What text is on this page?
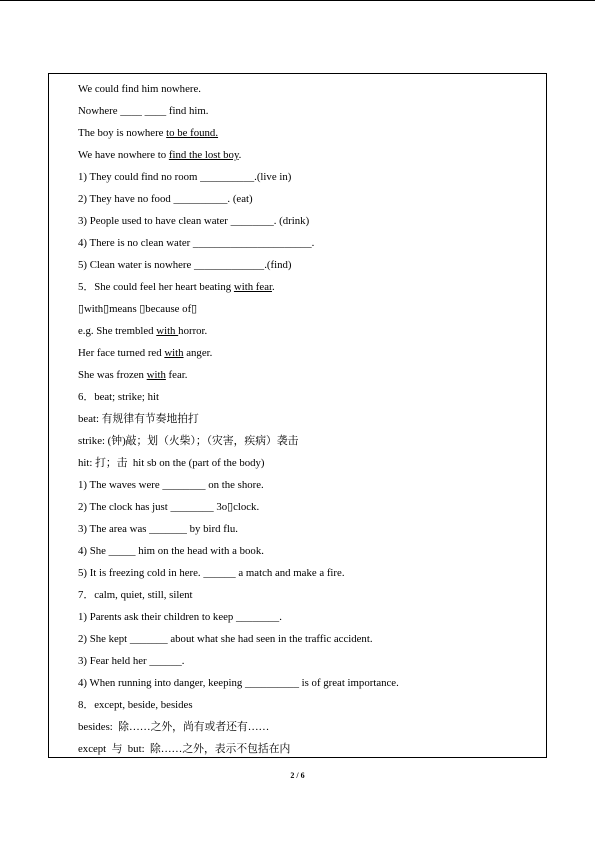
We could find him nowhere.
Nowhere ____ ____ find him.
The boy is nowhere to be found.
We have nowhere to find the lost boy.
1) They could find no room __________.(live in)
2) They have no food __________. (eat)
3) People used to have clean water ________. (drink)
4) There is no clean water ______________________.
5) Clean water is nowhere _____________.(find)
5．She could feel her heart beating with fear.
▯with▯means ▯because of▯
e.g. She trembled with horror.
Her face turned red with anger.
She was frozen with fear.
6．beat; strike; hit
beat: 有规律有节奏地拍打
strike: (钟)敲；划（火柴）；（灾害，疾病）袭击
hit: 打；击  hit sb on the (part of the body)
1) The waves were ________ on the shore.
2) The clock has just ________ 3o▯clock.
3) The area was _______ by bird flu.
4) She _____ him on the head with a book.
5) It is freezing cold in here. ______ a match and make a fire.
7．calm, quiet, still, silent
1) Parents ask their children to keep ________.
2) She kept _______ about what she had seen in the traffic accident.
3) Fear held her ______.
4) When running into danger, keeping __________ is of great importance.
8．except, beside, besides
besides:  除……之外，尚有或者还有……
except  与  but:  除……之外，表示不包括在内
2 / 6
